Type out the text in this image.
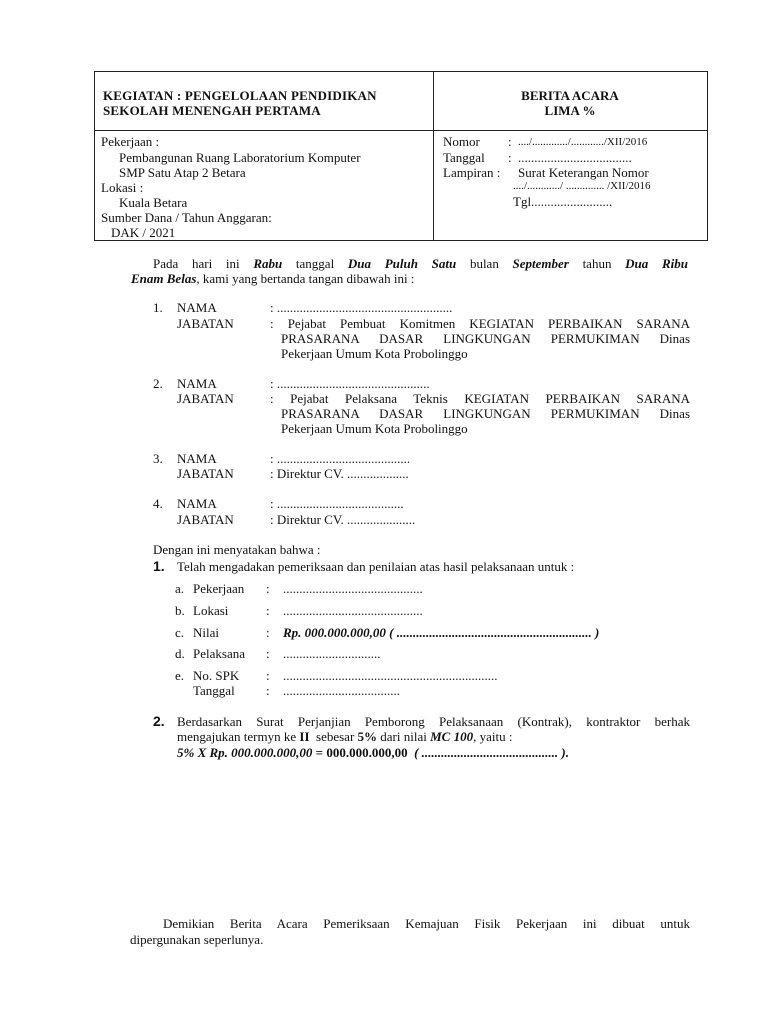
KEGIATAN : PENGELOLAAN PENDIDIKAN
SEKOLAH MENENGAH PERTAMA
BERITA ACARA
LIMA %
Pekerjaan :
Pembangunan Ruang Laboratorium Komputer
SMP Satu Atap 2 Betara
Lokasi :
Kuala Betara
Sumber Dana / Tahun Anggaran:
DAK / 2021
Nomor : ..../............./............/XII/2016
Tanggal : ...................................
Lampiran : Surat Keterangan Nomor
..../............/ .............. /XII/2016
Tgl.........................
Pada hari ini Rabu tanggal Dua Puluh Satu bulan September tahun Dua Ribu
Enam Belas, kami yang bertanda tangan dibawah ini :
1. NAMA	: ......................................................
JABATAN	: Pejabat Pembuat Komitmen KEGIATAN PERBAIKAN SARANA
PRASARANA DASAR LINGKUNGAN PERMUKIMAN Dinas
Pekerjaan Umum Kota Probolinggo
2. NAMA	: ...............................................
JABATAN	: Pejabat Pelaksana Teknis KEGIATAN PERBAIKAN SARANA
PRASARANA DASAR LINGKUNGAN PERMUKIMAN Dinas
Pekerjaan Umum Kota Probolinggo
3. NAMA	: .........................................
JABATAN	: Direktur CV. ...................
4. NAMA	: .......................................
JABATAN	: Direktur CV. .....................
Dengan ini menyatakan bahwa :
1. Telah mengadakan pemeriksaan dan penilaian atas hasil pelaksanaan untuk :
a. Pekerjaan : ...........................................
b. Lokasi	: ...........................................
c. Nilai	: Rp. 000.000.000,00 ( ............................................................ )
d. Pelaksana : ..............................
e. No. SPK : ..................................................................
Tanggal : ....................................
2. Berdasarkan Surat Perjanjian Pemborong Pelaksanaan (Kontrak), kontraktor berhak
mengajukan termyn ke II sebesar 5% dari nilai MC 100, yaitu :
5% X Rp. 000.000.000,00 = 000.000.000,00 ( .......................................... ).
Demikian Berita Acara Pemeriksaan Kemajuan Fisik Pekerjaan ini dibuat untuk
dipergunakan seperlunya.
